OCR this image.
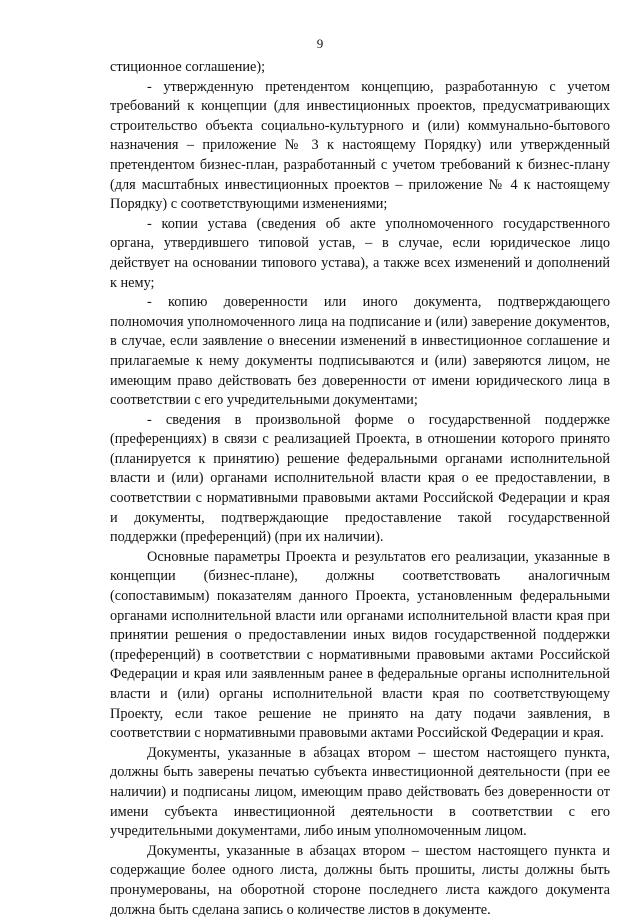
9

стиционное соглашение);

- утвержденную претендентом концепцию, разработанную с учетом требований к концепции (для инвестиционных проектов, предусматривающих строительство объекта социально-культурного и (или) коммунально-бытового назначения – приложение № 3 к настоящему Порядку) или утвержденный претендентом бизнес-план, разработанный с учетом требований к бизнес-плану (для масштабных инвестиционных проектов – приложение № 4 к настоящему Порядку) с соответствующими изменениями;

- копии устава (сведения об акте уполномоченного государственного органа, утвердившего типовой устав, – в случае, если юридическое лицо действует на основании типового устава), а также всех изменений и дополнений к нему;

- копию доверенности или иного документа, подтверждающего полномочия уполномоченного лица на подписание и (или) заверение документов, в случае, если заявление о внесении изменений в инвестиционное соглашение и прилагаемые к нему документы подписываются и (или) заверяются лицом, не имеющим право действовать без доверенности от имени юридического лица в соответствии с его учредительными документами;

- сведения в произвольной форме о государственной поддержке (преференциях) в связи с реализацией Проекта, в отношении которого принято (планируется к принятию) решение федеральными органами исполнительной власти и (или) органами исполнительной власти края о ее предоставлении, в соответствии с нормативными правовыми актами Российской Федерации и края и документы, подтверждающие предоставление такой государственной поддержки (преференций) (при их наличии).

Основные параметры Проекта и результатов его реализации, указанные в концепции (бизнес-плане), должны соответствовать аналогичным (сопоставимым) показателям данного Проекта, установленным федеральными органами исполнительной власти или органами исполнительной власти края при принятии решения о предоставлении иных видов государственной поддержки (преференций) в соответствии с нормативными правовыми актами Российской Федерации и края или заявленным ранее в федеральные органы исполнительной власти и (или) органы исполнительной власти края по соответствующему Проекту, если такое решение не принято на дату подачи заявления, в соответствии с нормативными правовыми актами Российской Федерации и края.

Документы, указанные в абзацах втором – шестом настоящего пункта, должны быть заверены печатью субъекта инвестиционной деятельности (при ее наличии) и подписаны лицом, имеющим право действовать без доверенности от имени субъекта инвестиционной деятельности в соответствии с его учредительными документами, либо иным уполномоченным лицом.

Документы, указанные в абзацах втором – шестом настоящего пункта и содержащие более одного листа, должны быть прошиты, листы должны быть пронумерованы, на оборотной стороне последнего листа каждого документа должна быть сделана запись о количестве листов в документе.
